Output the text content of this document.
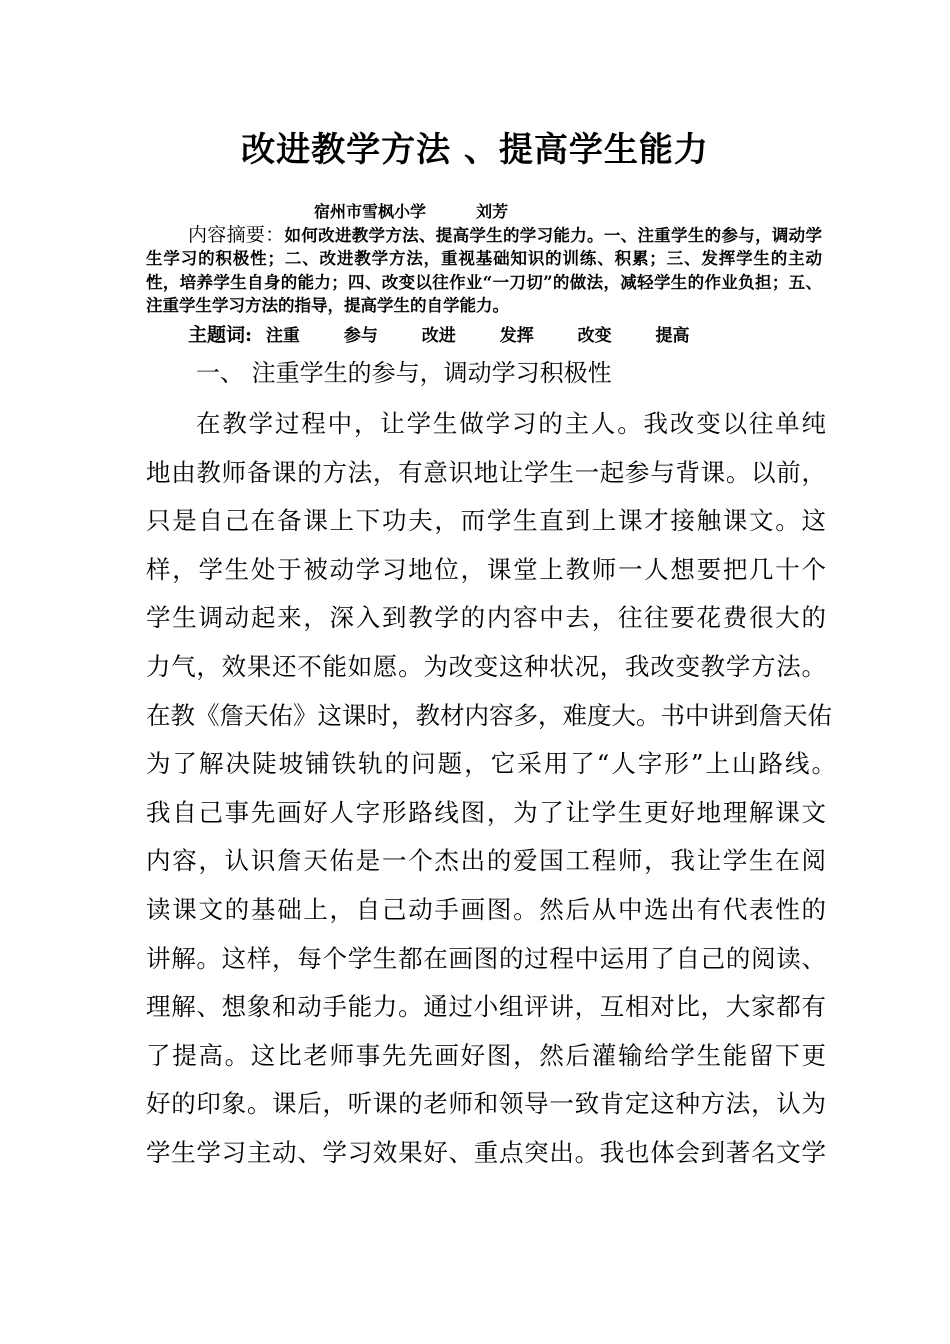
改进教学方法 、提高学生能力
宿州市雪枫小学	刘芳
内容摘要：如何改进教学方法、提高学生的学习能力。一、注重学生的参与，调动学生学习的积极性；二、改进教学方法，重视基础知识的训练、积累；三、发挥学生的主动性，培养学生自身的能力；四、改变以往作业“一刀切”的做法，减轻学生的作业负担；五、注重学生学习方法的指导，提高学生的自学能力。
主题词: 注重	参与	改进	发挥	改变	提高
一、 注重学生的参与，调动学习积极性
在教学过程中，让学生做学习的主人。我改变以往单纯
地由教师备课的方法，有意识地让学生一起参与背课。以前，
只是自己在备课上下功夫，而学生直到上课才接触课文。这
样，学生处于被动学习地位，课堂上教师一人想要把几十个
学生调动起来，深入到教学的内容中去，往往要花费很大的
力气，效果还不能如愿。为改变这种状况，我改变教学方法。
在教《詹天佑》这课时，教材内容多，难度大。书中讲到詹天佑
为了解决陡坡铺铁轨的问题，它采用了“人字形”上山路线。
我自己事先画好人字形路线图，为了让学生更好地理解课文
内容，认识詹天佑是一个杰出的爱国工程师，我让学生在阅
读课文的基础上，自己动手画图。然后从中选出有代表性的
讲解。这样，每个学生都在画图的过程中运用了自己的阅读、
理解、想象和动手能力。通过小组评讲，互相对比，大家都有
了提高。这比老师事先先画好图，然后灌输给学生能留下更
好的印象。课后，听课的老师和领导一致肯定这种方法，认为
学生学习主动、学习效果好、重点突出。我也体会到著名文学
